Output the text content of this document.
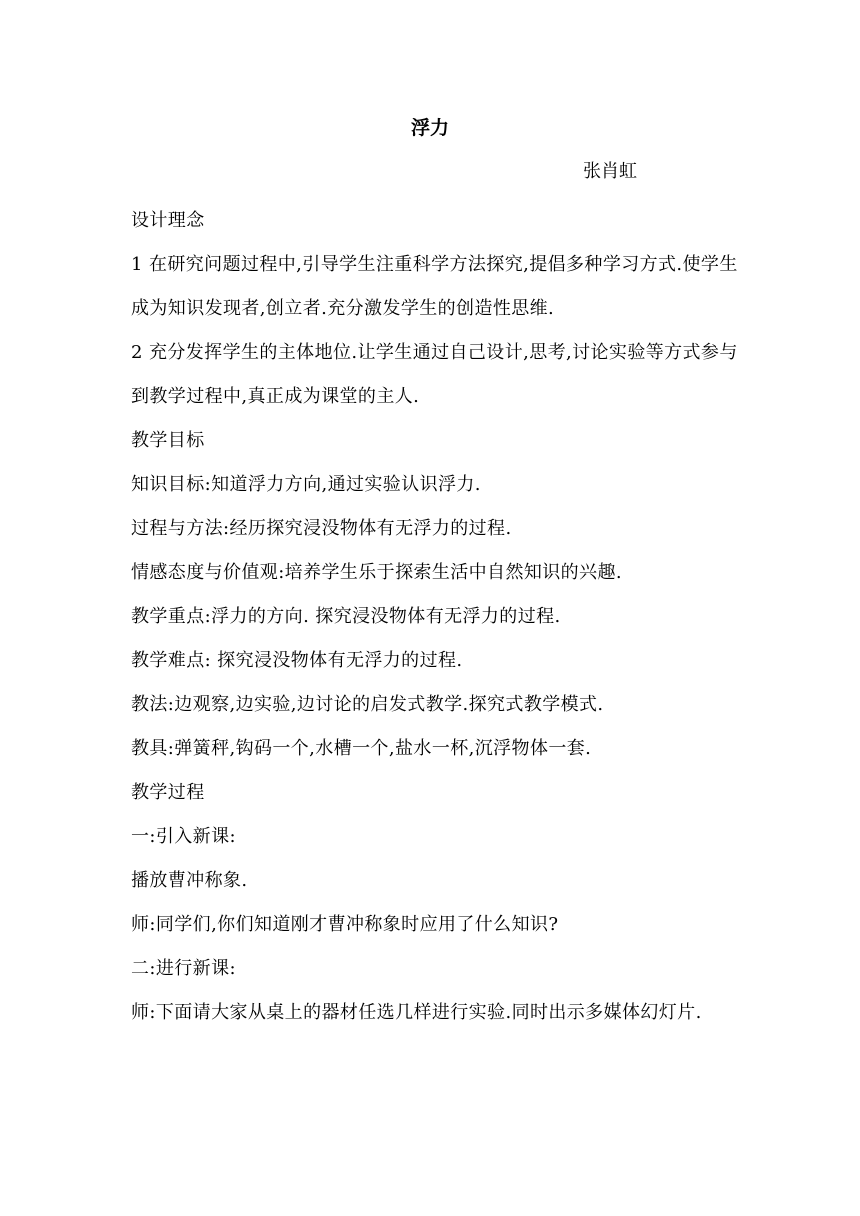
浮力
张肖虹

设计理念

1 在研究问题过程中,引导学生注重科学方法探究,提倡多种学习方式.使学生成为知识发现者,创立者.充分激发学生的创造性思维.

2 充分发挥学生的主体地位.让学生通过自己设计,思考,讨论实验等方式参与到教学过程中,真正成为课堂的主人.

教学目标

知识目标:知道浮力方向,通过实验认识浮力.

过程与方法:经历探究浸没物体有无浮力的过程.

情感态度与价值观:培养学生乐于探索生活中自然知识的兴趣.

教学重点:浮力的方向. 探究浸没物体有无浮力的过程.

教学难点: 探究浸没物体有无浮力的过程.

教法:边观察,边实验,边讨论的启发式教学.探究式教学模式.

教具:弹簧秤,钩码一个,水槽一个,盐水一杯,沉浮物体一套.

教学过程

一:引入新课:

播放曹冲称象.

师:同学们,你们知道刚才曹冲称象时应用了什么知识?

二:进行新课:

师:下面请大家从桌上的器材任选几样进行实验.同时出示多媒体幻灯片.
